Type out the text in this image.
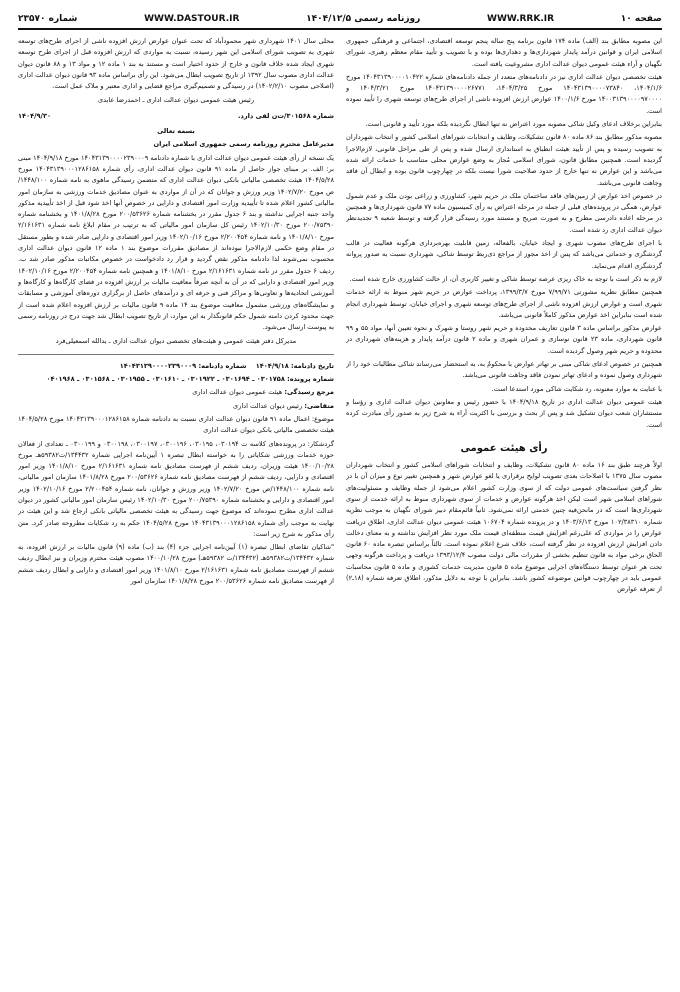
صفحه ۱۰
WWW.RRK.IR
روزنامه رسمی ۱۴۰۴/۱۲/۵
WWW.DASTOUR.IR
شماره ۲۳۵۷۰

این مصوبه مطابق بند (الف) ماده ۱۷۴ قانون برنامه پنج ساله پنجم توسعه اقتصادی، اجتماعی و فرهنگی جمهوری اسلامی ایران و قوانین درآمد پایدار شهرداری‌ها و دهداری‌ها بوده و با تصویب و تأیید مقام معظم رهبری، شورای نگهبان و آراء هیئت عمومی دیوان عدالت اداری مشروعیت یافته است.

هیئت تخصصی دیوان عدالت اداری نیز در دادنامه‌های متعدد از جمله دادنامه‌های شماره ۱۴۰۴۳۱۳۹۰۰۰۰۱۰۴۲۲ مورخ ۱۴۰۴/۱/۶، ۱۴۰۴۳۱۳۹۰۰۰۰۷۳۸۴۰ مورخ ۱۴۰۴/۳/۲۵، ۱۴۰۴۳۱۳۹۰۰۰۰۲۶۷۷۱ مورخ ۱۴۰۴/۳/۲۱ و ۱۴۰۰۳۱۳۹۰۰۰۰۹۷۰۰۰۰ مورخ ۱۴۰۰/۱/۶ عوارض ارزش افزوده ناشی از اجرای طرح‌های توسعه شهری را تأیید نموده است.

بنابراین برخلاف ادعای وکیل شاکی مصوبه مورد اعتراض نه تنها ابطال نگردیده بلکه مورد تأیید و قانونی است.

مصوبه مذکور مطابق بند ۸۶ ماده ۸۰ قانون تشکیلات، وظایف و انتخابات شوراهای اسلامی کشور و انتخاب شهرداران به تصویب رسیده و پس از تأیید هیئت انطباق به استانداری ارسال شده و پس از طی مراحل قانونی، لازم‌الاجرا گردیده است. همچنین مطابق قانون، شورای اسلامی مُجاز به وضع عوارض محلی متناسب با خدمات ارائه شده می‌باشد و این عوارض نه تنها خارج از حدود صلاحیت شورا نیست بلکه در چهارچوب قانون بوده و ابطال آن فاقد وجاهت قانونی می‌باشد.

در خصوص اخذ عوارض از زمین‌های فاقد ساختمان ملک در حریم شهر، کشاورزی و زراعی بودن ملک و عدم شمول عوارض، همگی در پرونده‌های قبلی از جمله در مرحله اعتراض به رأی کمیسیون ماده ۷۷ قانون شهرداری‌ها و همچنین در مرحله اعاده دادرسی مطرح و به صورت صریح و مستند مورد رسیدگی قرار گرفته و توسط شعبه ۹ تجدیدنظر دیوان عدالت اداری رد شده است.

با اجرای طرح‌های مصوب شهری و ایجاد خیابان، بالفعاله، زمین قابلیت بهره‌برداری هرگونه فعالیت در قالب گردشگری و خدماتی می‌باشد که پس از اخذ مجوز از مراجع ذی‌ربط توسط شاکی، شهرداری نسبت به صدور پروانه گردشگری اقدام می‌نماید.

لازم به ذکر است با توجه به خاک ریزی عرصه توسط شاکی و تغییر کاربری آن، از حالت کشاورزی خارج شده است.

همچنین مطابق نظریه مشورتی ۷/۹۹/۷۱ مورخ ۱۳۹۹/۳/۷، پرداخت عوارض در حریم شهر منوط به ارائه خدمات شهری است و عوارض ارزش افزوده ناشی از اجرای طرح‌های توسعه شهری و اجرای خیابان، توسط شهرداری انجام شده است بنابراین اخذ عوارض مذکور کاملاً قانونی می‌باشد.

عوارض مذکور براساس ماده ۳ قانون تعاریف محدوده و حریم شهر روستا و شهرک و نحوه تعیین آنها، مواد ۵۵ و ۹۹ قانون شهرداری، ماده ۲۳ قانون نوسازی و عمران شهری و ماده ۲ قانون درآمد پایدار و هزینه‌های شهرداری در محدوده و حریم شهر وصول گردیده است.

همچنین در خصوص ادعای شاکی مبنی بر تهاتر عوارض با محکومٌ به، به استحضار می‌رساند شاکی مطالبات خود را از شهرداری وصول نموده و ادعای تهاتر نمودن فاقد وجاهت قانونی می‌باشد.

با عنایت به موارد معنونه، رد شکایت شاکی مورد استدعا است.

هیئت عمومی دیوان عدالت اداری در تاریخ ۱۴۰۴/۹/۱۸ با حضور رئیس و معاونین دیوان عدالت اداری و رؤسا و مستشاران شعب دیوان تشکیل شد و پس از بحث و بررسی با اکثریت آراء به شرح زیر به صدور رأی مبادرت کرده است.

رأی هیئت عمومی

اولاً هرچند طبق بند ۱۶ ماده ۸۰ قانون تشکیلات، وظایف و انتخابات شوراهای اسلامی کشور و انتخاب شهرداران مصوب سال ۱۳۷۵ با اصلاحات بعدی تصویب لوایح برقراری یا لغو عوارض شهر و همچنین تغییر نوع و میزان آن با در نظر گرفتن سیاست‌های عمومی دولت که از سوی وزارت کشور اعلام می‌شود از جمله وظایف و مسئولیت‌های شوراهای اسلامی شهر است لیکن اخذ هرگونه عوارض و خدمات از سوی شهرداری منوط به ارائه خدمت از سوی شهرداری‌ها است که در مانحن‌فیه چنین خدمتی ارائه نمی‌شود. ثانیاً قائم‌مقام دبیر شورای نگهبان به موجب نظریه شماره ۱۰۲/۳۸۳۱۰ مورخ ۱۴۰۳/۶/۱۳ و در پرونده شماره ۱۰۶۷۰۴ هیئت عمومی دیوان عدالت اداری، اطلاق دریافت عوارض را در مواردی که علی‌رغم افزایش قیمت منطقه‌ای قیمت ملک مورد نظر افزایش نداشته و به معنای دخالت دادن افزایش ارزش افزوده در نظر گرفته است، خلاف شرع اعلام نموده است. ثالثاً براساس تبصره ماده ۶۰ قانون الحاق برخی مواد به قانون تنظیم بخشی از مقررات مالی دولت مصوب ۱۳۹۳/۱۲/۴ دریافت و پرداخت هرگونه وجهی تحت هر عنوان توسط دستگاه‌های اجرایی موضوع ماده ۵ قانون مدیریت خدمات کشوری و ماده ۵ قانون محاسبات عمومی باید در چهارچوب قوانین موضوعه کشور باشد. بنابراین با توجه به دلایل مذکور، اطلاق تعرفه شماره (۱۸ـ۲) از تعرفه عوارض

محلی سال ۱۴۰۱ شهرداری شهر محمودآباد که تحت عنوان عوارض ارزش افزوده ناشی از اجرای طرح‌های توسعه شهری به تصویب شورای اسلامی این شهر رسیده، نسبت به مواردی که ارزش افزوده قبل از اجرای طرح توسعه شهری ایجاد شده خلاف قانون و خارج از حدود اختیار است و مستند به بند ۱ ماده ۱۲ و مواد ۱۳ و ۸۸ قانون دیوان عدالت اداری مصوب سال ۱۳۹۲ از تاریخ تصویب ابطال می‌شود. این رأی براساس ماده ۹۳ قانون دیوان عدالت اداری (اصلاحی مصوب ۱۴۰۲/۲/۱۰) در رسیدگی و تصمیم‌گیری مراجع قضایی و اداری معتبر و ملاک عمل است.

رئیس هیئت عمومی دیوان عدالت اداری ـ احمدرضا عابدی

شماره ۳۰۱۵۶۸/ت‌ن لفی دارد.
۱۴۰۴/۹/۳۰

بسمه تعالی

مدیرعامل محترم روزنامه رسمی جمهوری اسلامی ایران

یک نسخه از رأی هیئت عمومی دیوان عدالت اداری با شماره دادنامه ۱۴۰۴۳۱۳۹۰۰۰۰۲۳۹۰۰۰۹ مورخ ۱۴۰۴/۹/۱۸ مبنی بر: الف. بر مبنای جواز حاصل از ماده ۹۱ قانون دیوان عدالت اداری، رأی شماره ۱۴۰۴۳۱۳۹۰۰۰۱۲۸۶۱۵۸ مورخ ۱۴۰۴/۵/۲۸ هیئت تخصصی مالیاتی بانکی دیوان عدالت اداری که متضمن رسیدگی ماهوی به نامه شماره ۱۴۴۸/۱۰۰/ص مورخ ۱۴۰۲/۷/۲۰ وزیر ورزش و جوانان که در آن از مواردی به عنوان مصادیق خدمات ورزشی به سازمان امور مالیاتی کشور اعلام شده تا تأییدیه وزارت امور اقتصادی و دارایی در خصوص آنها اخذ شود قبل از اخذ تأییدیه مذکور واحد جنبه اجرایی نداشته و بند ۶ جدول مقرر در بخشنامه شماره ۲۰۰/۵۳۶۲۶ مورخ ۱۴۰۱/۸/۲۸ و بخشنامه شماره ۲۰۰/۷۵۳۹۰ مورخ ۱۴۰۲/۱۰/۳۰ رئیس کل سازمان امور مالیاتی که به ترتیب در مقام ابلاغ نامه شماره ۲/۱۶۱۶۳۱ مورخ ۱۴۰۱/۸/۱۰ و نامه شماره ۲/۲۰۰۴۵۴ مورخ ۱۴۰۲/۱۰/۱۶ وزیر امور اقتصادی و دارایی صادر شده و بطور مستقل در مقام وضع حکمی لازم‌الاجرا نبوده‌اند از مصادیق مقررات موضوع بند ۱ ماده ۱۲ قانون دیوان عدالت اداری محسوب نمی‌شوند لذا دادنامه مذکور نقض گردید و قرار رد دادخواست در خصوص مکاتبات مذکور صادر شد ب. ردیف ۶ جدول مقرر در نامه شماره ۲/۱۶۱۶۳۱ مورخ ۱۴۰۱/۸/۱۰ و همچنین نامه شماره ۲/۲۰۰۴۵۴ مورخ ۱۴۰۲/۱۰/۱۶ وزیر امور اقتصادی و دارایی که در آن به آنچه صرفاً معافیت مالیات بر ارزش افزوده در فضای کارگاه‌ها و کارگاه‌ها و آموزشی اتحادیه‌ها و تعاونی‌ها و مراکز فنی و حرفه ای و درآمدهای حاصل از برگزاری دوره‌های آموزشی و مسابقات و نمایشگاه‌های ورزشی مشمول معافیت موضوع بند ۱۴ ماده ۹ قانون مالیات بر ارزش افزوده اعلام شده است از جهت محدود کردن دامنه شمول حکم قانونگذار به این موارد، از تاریخ تصویب ابطال شد جهت درج در روزنامه رسمی به پیوست ارسال می‌شود.

مدیرکل دفتر هیئت عمومی و هیئت‌های تخصصی دیوان عدالت اداری ـ یدالله اسمعیلی‌فرد

تاریخ دادنامه: ۱۴۰۴/۹/۱۸    شماره دادنامه: ۱۴۰۴۳۱۳۹۰۰۰۰۲۳۹۰۰۰۹

شماره پرونده: ۰۳۰۱۷۵۸ ـ ۰۳۰۱۶۹۴ ـ ۰۳۰۱۹۲۲ ـ ۰۳۰۱۶۱۰ ـ ۰۳۰۱۹۵۵ ـ ۰۳۰۱۵۶۸ ـ ۰۴۰۱۹۶۸

مرجع رسیدگی: هیئت عمومی دیوان عدالت اداری

متقاضی: رئیس دیوان عدالت اداری

موضوع: اعمال ماده ۹۱ قانون دیوان عدالت اداری نسبت به دادنامه شماره ۱۴۰۴۳۱۳۹۰۰۰۱۲۸۶۱۵۸ مورخ ۱۴۰۴/۵/۲۸ هیئت تخصصی مالیاتی بانکی دیوان عدالت اداری

گردشکار: در پرونده‌های کلاسه ت ۰۳۰۱۹۴، ۰۳۰۱۹۵، ۰۳۰۰۱۹۶، ۰۳۰۰۱۹۷، ۰۳۰۰۱۹۸ و ۰۳۰۰۱۹۹ ـ تعدادی از فعالان حوزه خدمات ورزشی شکایاتی را به خواسته ابطال تبصره ۱ آیین‌نامه اجرایی شماره ۱۳۴۴۳۲/ت۵۹۳۸۲هـ مورخ ۱۴۰۰/۱۰/۲۸ هیئت وزیران، ردیف ششم از فهرست مصادیق نامه شماره ۲/۱۶۱۶۳۱ مورخ ۱۴۰۱/۸/۱۰ وزیر امور اقتصادی و دارایی، ردیف ششم از فهرست مصادیق نامه شماره ۲۰۰/۵۳۶۲۶ مورخ ۱۴۰۱/۸/۲۸ سازمان امور مالیاتی، نامه شماره ۱۴۴۸/۱۰۰/ص مورخ ۱۴۰۲/۷/۲۰ وزیر ورزش و جوانان، نامه شماره ۲/۲۰۰۴۵۴ مورخ ۱۴۰۲/۱۰/۱۶ وزیر امور اقتصادی و دارایی و بخشنامه شماره ۲۰۰/۷۵۳۹۰ مورخ ۱۴۰۲/۱۰/۳۰ رئیس سازمان امور مالیاتی کشور در دیوان عدالت اداری مطرح نموده‌اند که موضوع جهت رسیدگی به هیئت تخصصی مالیاتی بانکی ارجاع شد و این هیئت در نهایت به موجب رأی شماره ۱۴۰۴۳۱۳۹۰۰۰۱۲۸۶۱۵۸ مورخ ۱۴۰۴/۵/۲۸ حکم به رد شکایات مطروحه صادر کرد. متن رأی مذکور به شرح زیر است:

"شاکیان تقاضای ابطال تبصره (۱) آیین‌نامه اجرایی جزء (۴) بند (ب) ماده (۹) قانون مالیات بر ارزش افزوده، به شماره ۱۳۴۴۳۲/ت۵۹۳۸۲هـ (۱۳۴۴۳۲/ت ۵۹۳۸۲هـ) مورخ ۱۴۰۰/۱۰/۲۸ مصوب هیئت محترم وزیران و نیز ابطال ردیف ششم از فهرست مصادیق نامه شماره ۲/۱۶۱۶۳۱ مورخ ۱۴۰۱/۸/۱۰ وزیر امور اقتصادی و دارایی و ابطال ردیف ششم از فهرست مصادیق نامه شماره ۲۰۰/۵۳۶۲۶ مورخ ۱۴۰۱/۸/۲۸ سازمان امور
